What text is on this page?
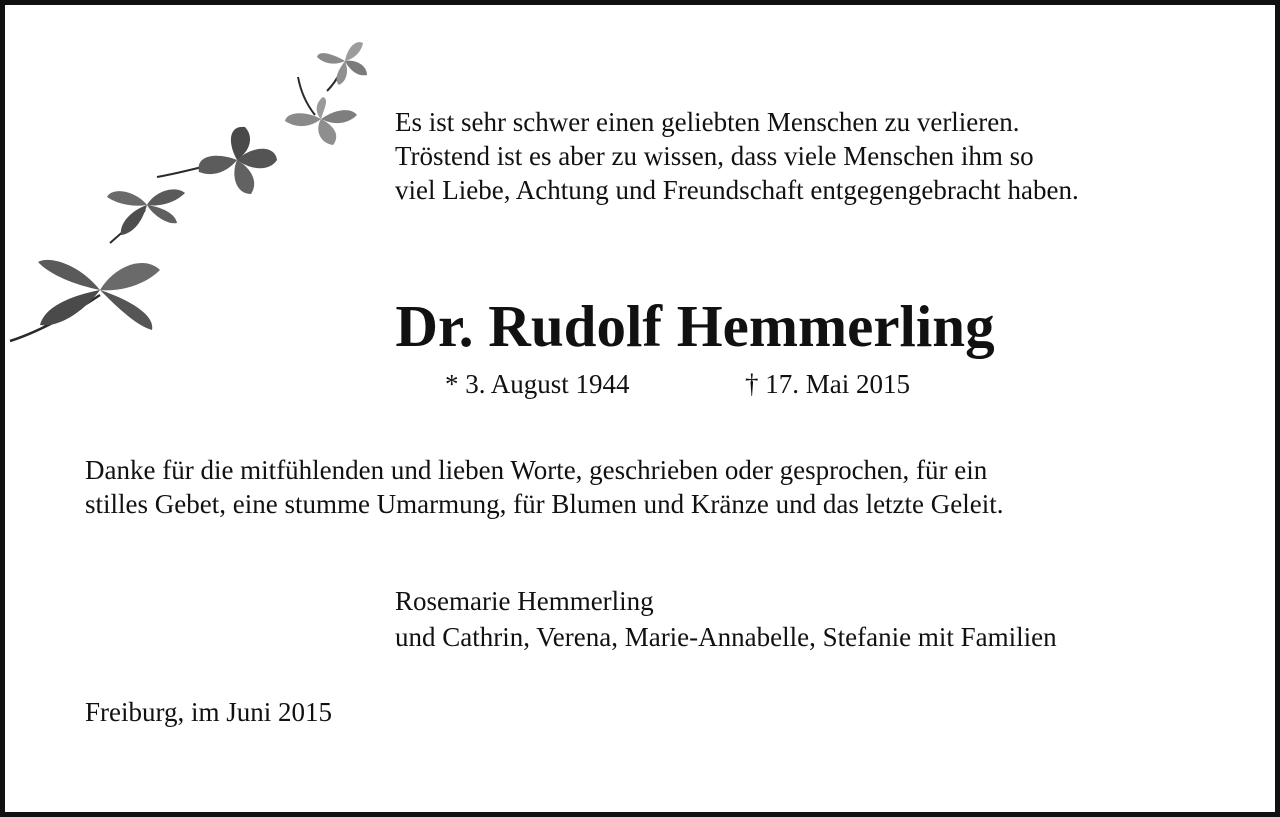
Es ist sehr schwer einen geliebten Menschen zu verlieren.
Tröstend ist es aber zu wissen, dass viele Menschen ihm so
viel Liebe, Achtung und Freundschaft entgegengebracht haben.
Dr. Rudolf Hemmerling
* 3. August 1944	† 17. Mai 2015
Danke für die mitfühlenden und lieben Worte, geschrieben oder gesprochen, für ein
stilles Gebet, eine stumme Umarmung, für Blumen und Kränze und das letzte Geleit.
Rosemarie Hemmerling
und Cathrin, Verena, Marie-Annabelle, Stefanie mit Familien
Freiburg, im Juni 2015
